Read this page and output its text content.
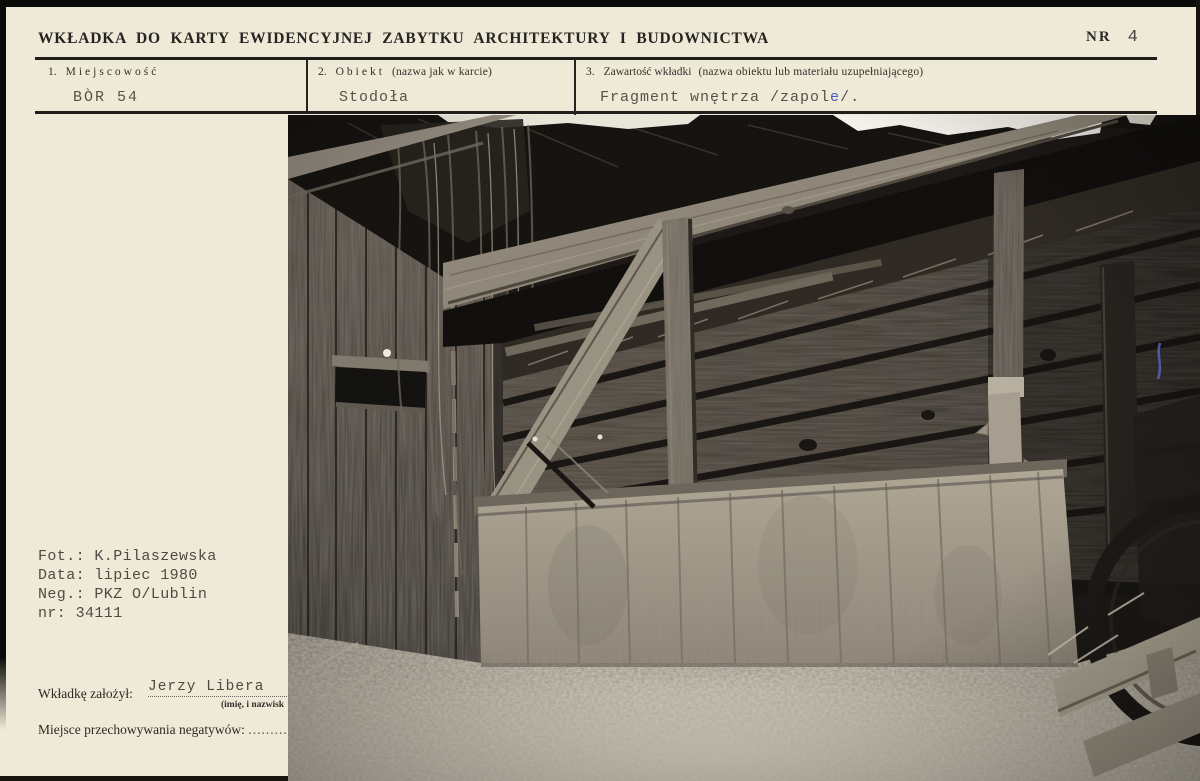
WKŁADKA DO KARTY EWIDENCYJNEJ ZABYTKU ARCHITEKTURY I BUDOWNICTWA	NR 4
1. Miejscowość	2. Obiekt (nazwa jak w karcie)	3. Zawartość wkładki (nazwa obiektu lub materiału uzupełniającego)
BÒR 54	Stodoła	Fragment wnętrza /zapole/.
Fot.: K.Pilaszewska
Data: lipiec 1980
Neg.: PKZ O/Lublin
nr: 34111
Wkładkę założył: Jerzy Libera
(imię, i nazwisk
Miejsce przechowywania negatywów: .........
